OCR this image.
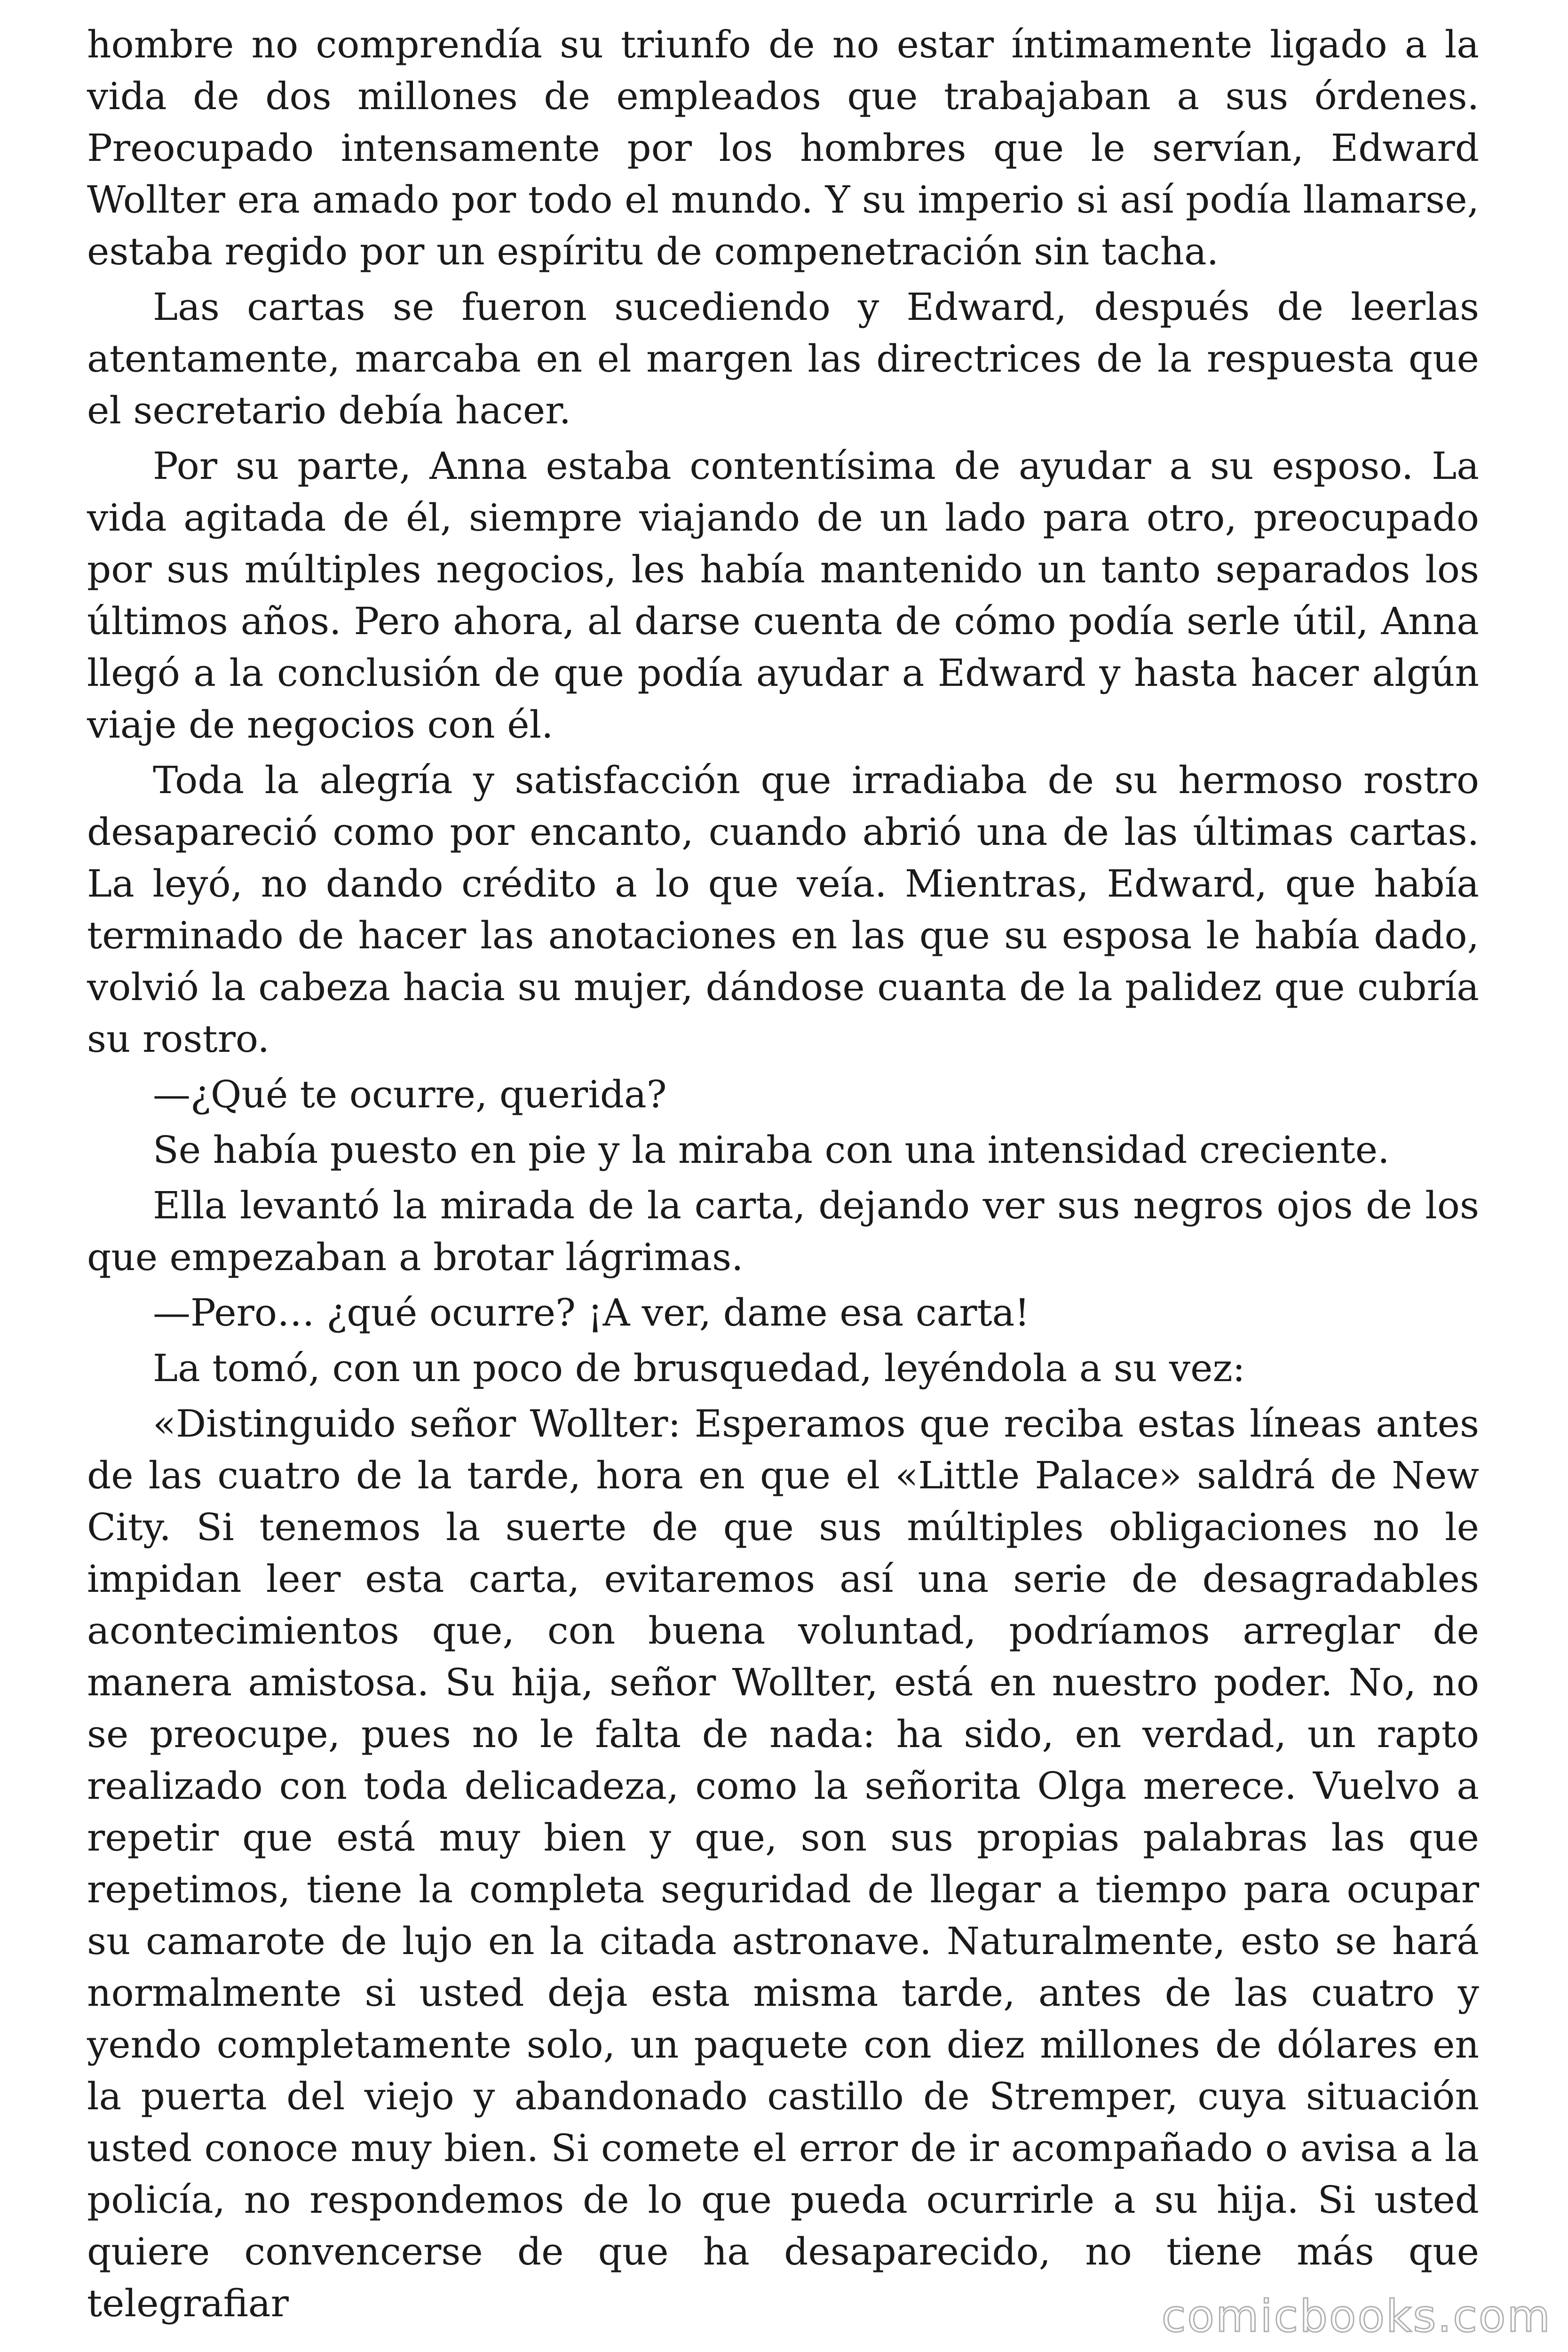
hombre no comprendía su triunfo de no estar íntimamente ligado a la vida de dos millones de empleados que trabajaban a sus órdenes. Preocupado intensamente por los hombres que le servían, Edward Wollter era amado por todo el mundo. Y su imperio si así podía llamarse, estaba regido por un espíritu de compenetración sin tacha.

Las cartas se fueron sucediendo y Edward, después de leerlas atentamente, marcaba en el margen las directrices de la respuesta que el secretario debía hacer.

Por su parte, Anna estaba contentísima de ayudar a su esposo. La vida agitada de él, siempre viajando de un lado para otro, preocupado por sus múltiples negocios, les había mantenido un tanto separados los últimos años. Pero ahora, al darse cuenta de cómo podía serle útil, Anna llegó a la conclusión de que podía ayudar a Edward y hasta hacer algún viaje de negocios con él.

Toda la alegría y satisfacción que irradiaba de su hermoso rostro desapareció como por encanto, cuando abrió una de las últimas cartas. La leyó, no dando crédito a lo que veía. Mientras, Edward, que había terminado de hacer las anotaciones en las que su esposa le había dado, volvió la cabeza hacia su mujer, dándose cuanta de la palidez que cubría su rostro.

—¿Qué te ocurre, querida?

Se había puesto en pie y la miraba con una intensidad creciente.

Ella levantó la mirada de la carta, dejando ver sus negros ojos de los que empezaban a brotar lágrimas.

—Pero… ¿qué ocurre? ¡A ver, dame esa carta!

La tomó, con un poco de brusquedad, leyéndola a su vez:

«Distinguido señor Wollter: Esperamos que reciba estas líneas antes de las cuatro de la tarde, hora en que el «Little Palace» saldrá de New City. Si tenemos la suerte de que sus múltiples obligaciones no le impidan leer esta carta, evitaremos así una serie de desagradables acontecimientos que, con buena voluntad, podríamos arreglar de manera amistosa. Su hija, señor Wollter, está en nuestro poder. No, no se preocupe, pues no le falta de nada: ha sido, en verdad, un rapto realizado con toda delicadeza, como la señorita Olga merece. Vuelvo a repetir que está muy bien y que, son sus propias palabras las que repetimos, tiene la completa seguridad de llegar a tiempo para ocupar su camarote de lujo en la citada astronave. Naturalmente, esto se hará normalmente si usted deja esta misma tarde, antes de las cuatro y yendo completamente solo, un paquete con diez millones de dólares en la puerta del viejo y abandonado castillo de Stremper, cuya situación usted conoce muy bien. Si comete el error de ir acompañado o avisa a la policía, no respondemos de lo que pueda ocurrirle a su hija. Si usted quiere convencerse de que ha desaparecido, no tiene más que telegrafiar	comicbooks.com
